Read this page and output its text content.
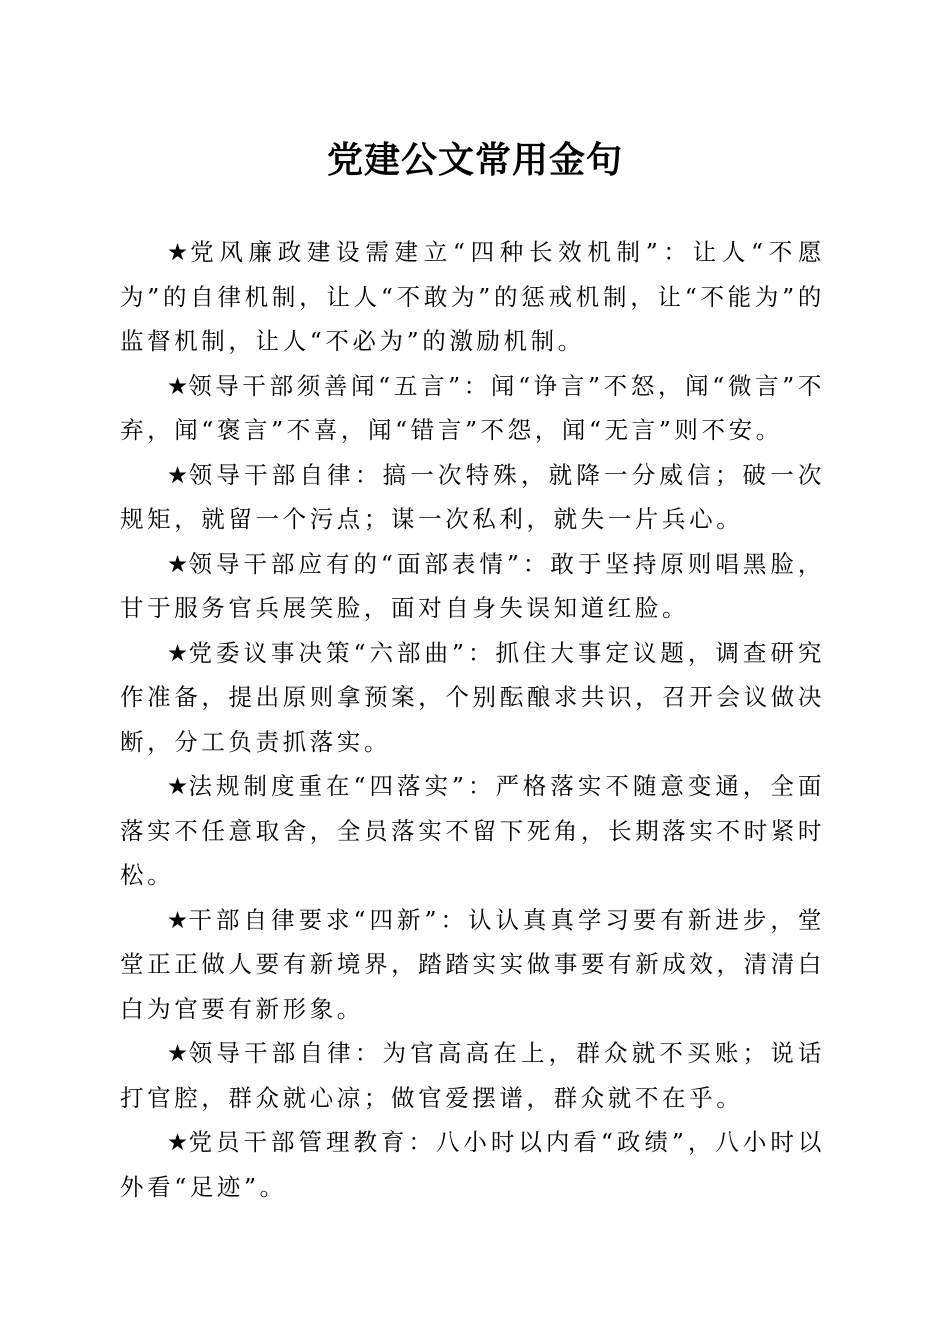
党建公文常用金句

★党风廉政建设需建立“四种长效机制”：让人“不愿为”的自律机制，让人“不敢为”的惩戒机制，让“不能为”的监督机制，让人“不必为”的激励机制。

★领导干部须善闻“五言”：闻“诤言”不怒，闻“微言”不弃，闻“褒言”不喜，闻“错言”不怨，闻“无言”则不安。

★领导干部自律：搞一次特殊，就降一分威信；破一次规矩，就留一个污点；谋一次私利，就失一片兵心。

★领导干部应有的“面部表情”：敢于坚持原则唱黑脸，甘于服务官兵展笑脸，面对自身失误知道红脸。

★党委议事决策“六部曲”：抓住大事定议题，调查研究作准备，提出原则拿预案，个别酝酿求共识，召开会议做决断，分工负责抓落实。

★法规制度重在“四落实”：严格落实不随意变通，全面落实不任意取舍，全员落实不留下死角，长期落实不时紧时松。

★干部自律要求“四新”：认认真真学习要有新进步，堂堂正正做人要有新境界，踏踏实实做事要有新成效，清清白白为官要有新形象。

★领导干部自律：为官高高在上，群众就不买账；说话打官腔，群众就心凉；做官爱摆谱，群众就不在乎。

★党员干部管理教育：八小时以内看“政绩”，八小时以外看“足迹”。
